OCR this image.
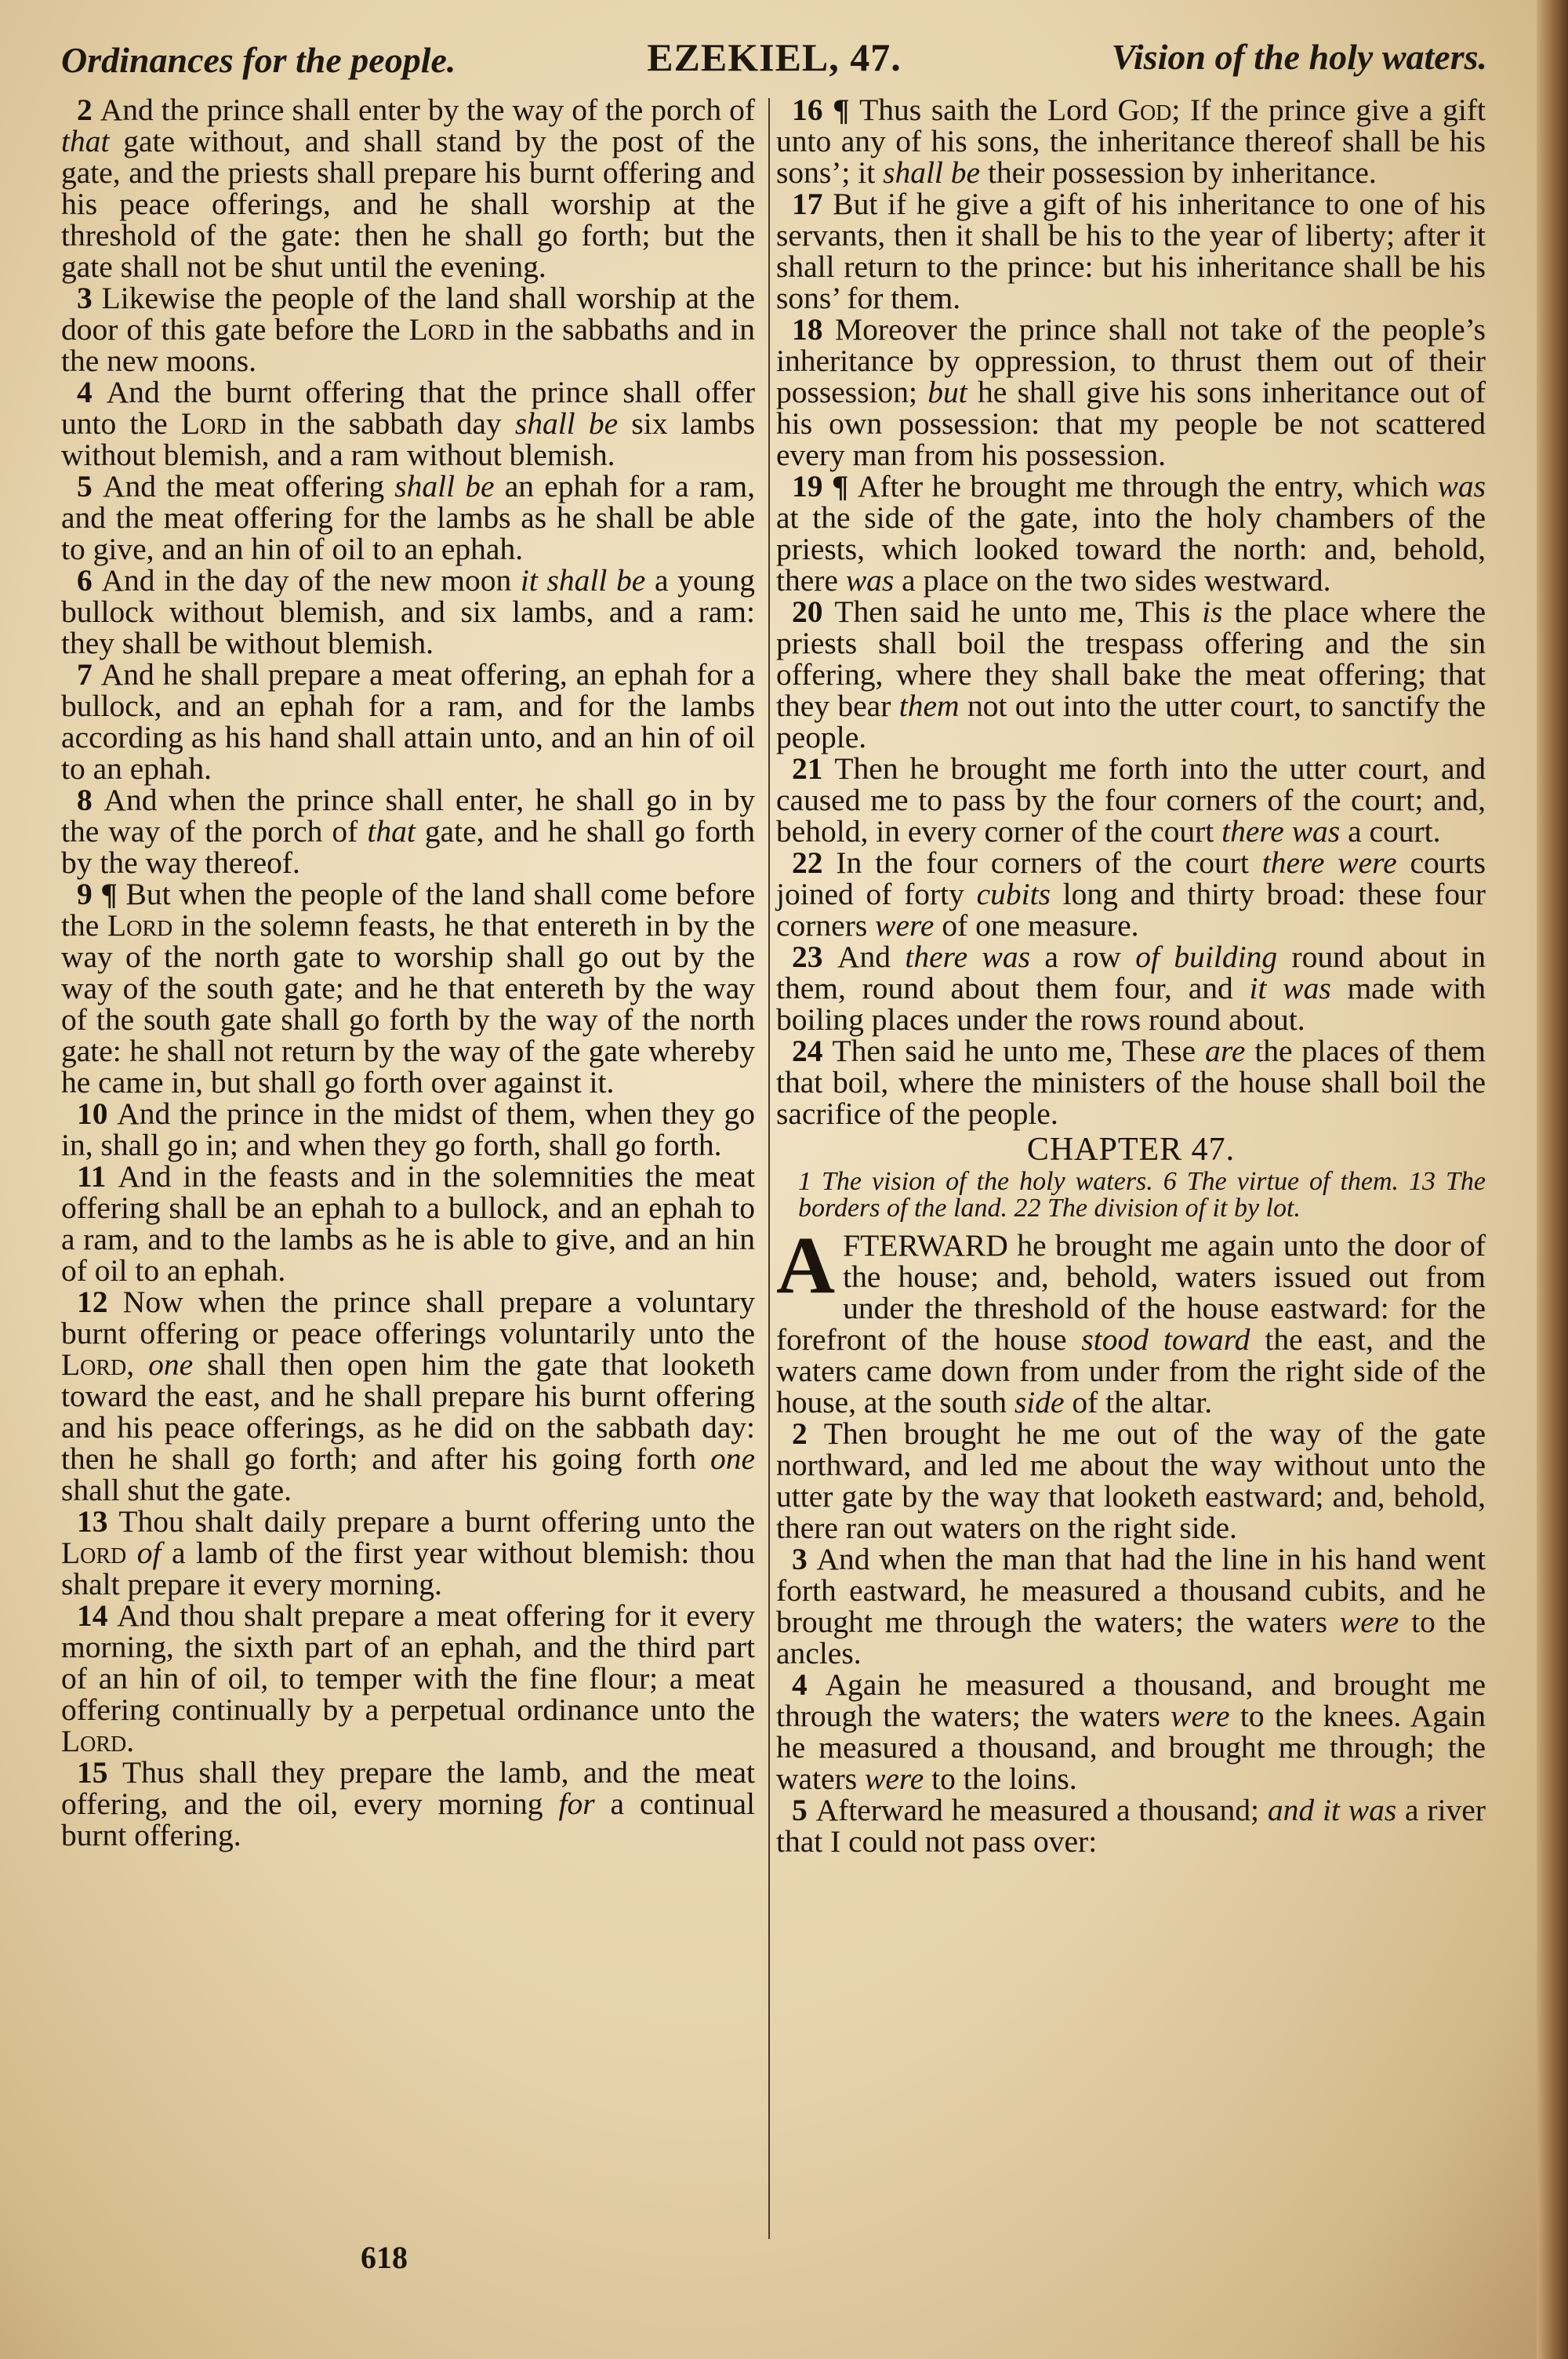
Ordinances for the people.	EZEKIEL, 47.	Vision of the holy waters.

2 And the prince shall enter by the way of the porch of that gate without, and shall stand by the post of the gate, and the priests shall prepare his burnt offering and his peace offerings, and he shall worship at the threshold of the gate: then he shall go forth; but the gate shall not be shut until the evening.

3 Likewise the people of the land shall worship at the door of this gate before the Lord in the sabbaths and in the new moons.

4 And the burnt offering that the prince shall offer unto the Lord in the sabbath day shall be six lambs without blemish, and a ram without blemish.

5 And the meat offering shall be an ephah for a ram, and the meat offering for the lambs as he shall be able to give, and an hin of oil to an ephah.

6 And in the day of the new moon it shall be a young bullock without blemish, and six lambs, and a ram: they shall be without blemish.

7 And he shall prepare a meat offering, an ephah for a bullock, and an ephah for a ram, and for the lambs according as his hand shall attain unto, and an hin of oil to an ephah.

8 And when the prince shall enter, he shall go in by the way of the porch of that gate, and he shall go forth by the way thereof.

9 ¶ But when the people of the land shall come before the Lord in the solemn feasts, he that entereth in by the way of the north gate to worship shall go out by the way of the south gate; and he that entereth by the way of the south gate shall go forth by the way of the north gate: he shall not return by the way of the gate whereby he came in, but shall go forth over against it.

10 And the prince in the midst of them, when they go in, shall go in; and when they go forth, shall go forth.

11 And in the feasts and in the solemnities the meat offering shall be an ephah to a bullock, and an ephah to a ram, and to the lambs as he is able to give, and an hin of oil to an ephah.

12 Now when the prince shall prepare a voluntary burnt offering or peace offerings voluntarily unto the Lord, one shall then open him the gate that looketh toward the east, and he shall prepare his burnt offering and his peace offerings, as he did on the sabbath day: then he shall go forth; and after his going forth one shall shut the gate.

13 Thou shalt daily prepare a burnt offering unto the Lord of a lamb of the first year without blemish: thou shalt prepare it every morning.

14 And thou shalt prepare a meat offering for it every morning, the sixth part of an ephah, and the third part of an hin of oil, to temper with the fine flour; a meat offering continually by a perpetual ordinance unto the Lord.

15 Thus shall they prepare the lamb, and the meat offering, and the oil, every morning for a continual burnt offering.

16 ¶ Thus saith the Lord God; If the prince give a gift unto any of his sons, the inheritance thereof shall be his sons’; it shall be their possession by inheritance.

17 But if he give a gift of his inheritance to one of his servants, then it shall be his to the year of liberty; after it shall return to the prince: but his inheritance shall be his sons’ for them.

18 Moreover the prince shall not take of the people’s inheritance by oppression, to thrust them out of their possession; but he shall give his sons inheritance out of his own possession: that my people be not scattered every man from his possession.

19 ¶ After he brought me through the entry, which was at the side of the gate, into the holy chambers of the priests, which looked toward the north: and, behold, there was a place on the two sides westward.

20 Then said he unto me, This is the place where the priests shall boil the trespass offering and the sin offering, where they shall bake the meat offering; that they bear them not out into the utter court, to sanctify the people.

21 Then he brought me forth into the utter court, and caused me to pass by the four corners of the court; and, behold, in every corner of the court there was a court.

22 In the four corners of the court there were courts joined of forty cubits long and thirty broad: these four corners were of one measure.

23 And there was a row of building round about in them, round about them four, and it was made with boiling places under the rows round about.

24 Then said he unto me, These are the places of them that boil, where the ministers of the house shall boil the sacrifice of the people.

CHAPTER 47.

1 The vision of the holy waters. 6 The virtue of them. 13 The borders of the land. 22 The division of it by lot.

AFTERWARD he brought me again unto the door of the house; and, behold, waters issued out from under the threshold of the house eastward: for the forefront of the house stood toward the east, and the waters came down from under from the right side of the house, at the south side of the altar.

2 Then brought he me out of the way of the gate northward, and led me about the way without unto the utter gate by the way that looketh eastward; and, behold, there ran out waters on the right side.

3 And when the man that had the line in his hand went forth eastward, he measured a thousand cubits, and he brought me through the waters; the waters were to the ancles.

4 Again he measured a thousand, and brought me through the waters; the waters were to the knees. Again he measured a thousand, and brought me through; the waters were to the loins.

5 Afterward he measured a thousand; and it was a river that I could not pass over:

618
